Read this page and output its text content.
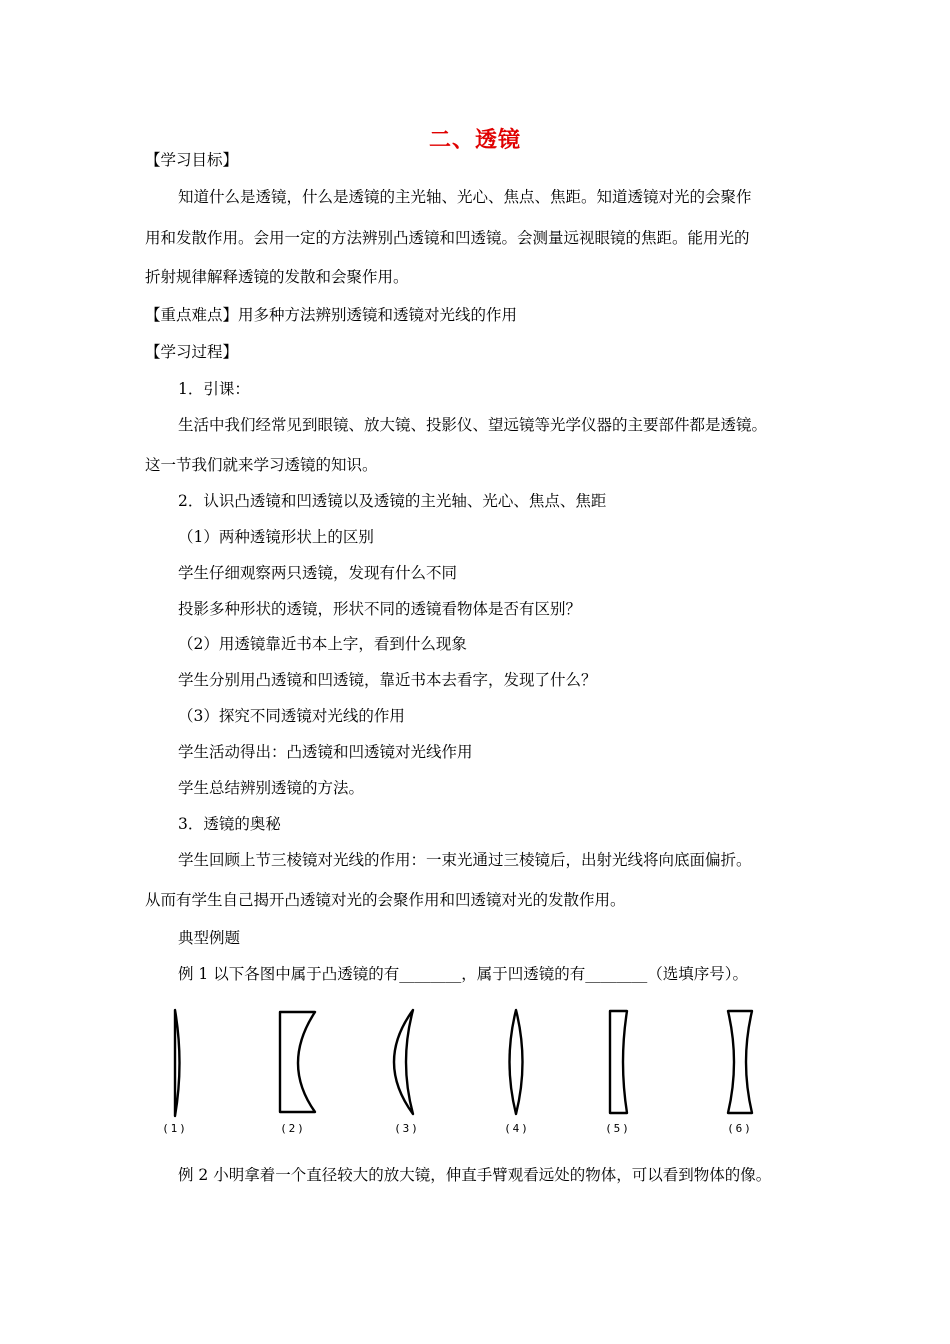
二、透镜
【学习目标】
知道什么是透镜，什么是透镜的主光轴、光心、焦点、焦距。知道透镜对光的会聚作
用和发散作用。会用一定的方法辨别凸透镜和凹透镜。会测量远视眼镜的焦距。能用光的
折射规律解释透镜的发散和会聚作用。
【重点难点】用多种方法辨别透镜和透镜对光线的作用
【学习过程】
1．引课：
生活中我们经常见到眼镜、放大镜、投影仪、望远镜等光学仪器的主要部件都是透镜。
这一节我们就来学习透镜的知识。
2．认识凸透镜和凹透镜以及透镜的主光轴、光心、焦点、焦距
（1）两种透镜形状上的区别
学生仔细观察两只透镜，发现有什么不同
投影多种形状的透镜，形状不同的透镜看物体是否有区别？
（2）用透镜靠近书本上字，看到什么现象
学生分别用凸透镜和凹透镜，靠近书本去看字，发现了什么？
（3）探究不同透镜对光线的作用
学生活动得出：凸透镜和凹透镜对光线作用
学生总结辨别透镜的方法。
3．透镜的奥秘
学生回顾上节三棱镜对光线的作用：一束光通过三棱镜后，出射光线将向底面偏折。
从而有学生自己揭开凸透镜对光的会聚作用和凹透镜对光的发散作用。
典型例题
例 1 以下各图中属于凸透镜的有________，属于凹透镜的有________（选填序号）。
(1)	(2)	(3)	(4)	(5)	(6)
例 2 小明拿着一个直径较大的放大镜，伸直手臂观看远处的物体，可以看到物体的像。
